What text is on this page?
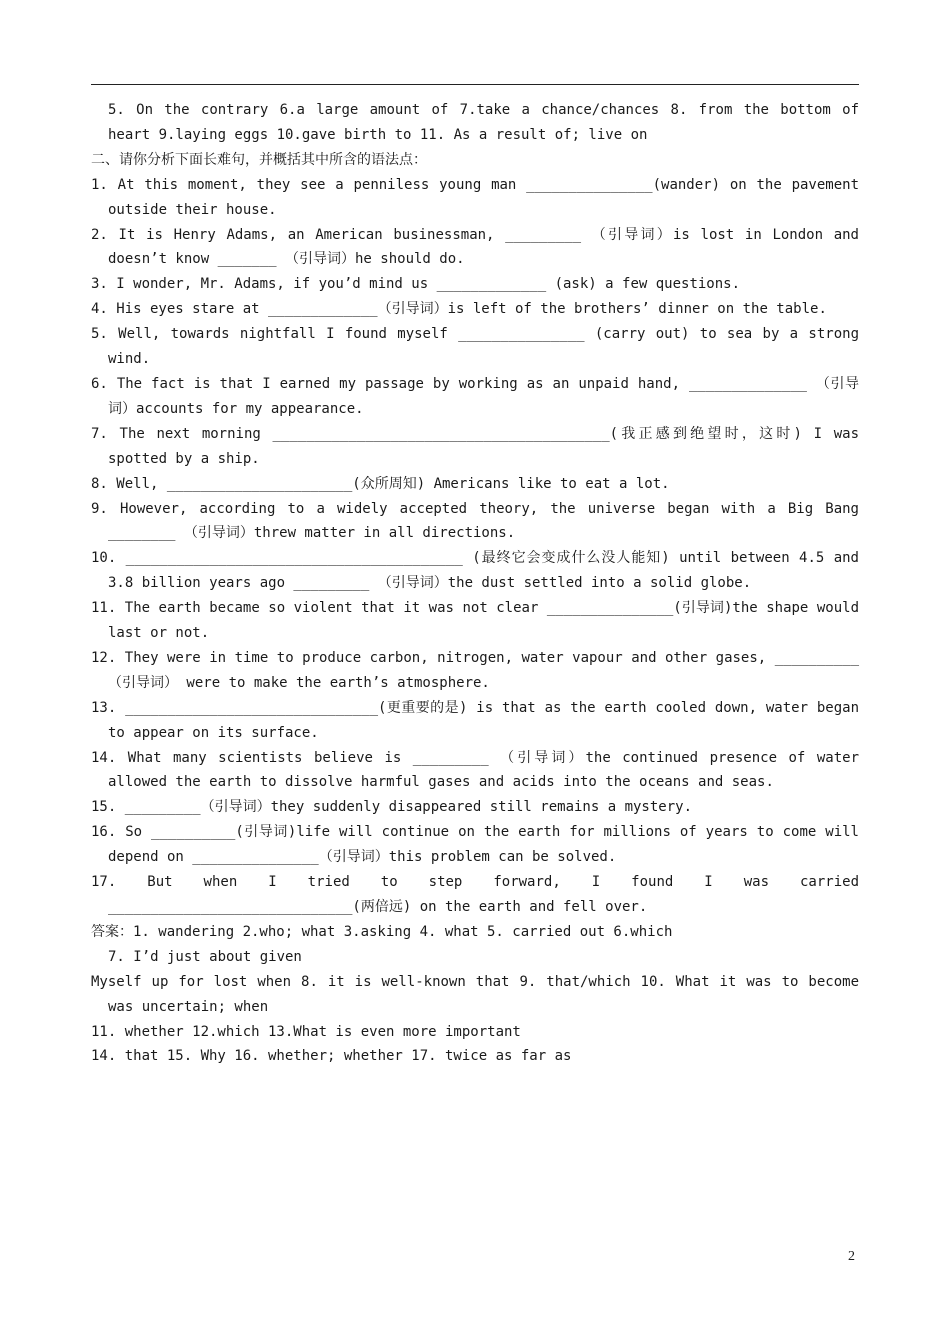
5. On the contrary 6.a large amount of 7.take a chance/chances 8. from the bottom of heart 9.laying eggs 10.gave birth to 11. As a result of; live on

二、请你分析下面长难句，并概括其中所含的语法点：

1. At this moment, they see a penniless young man _______________(wander) on the pavement outside their house.

2. It is Henry Adams, an American businessman, _________ （引导词）is lost in London and doesn’t know _______ （引导词）he should do.

3. I wonder, Mr. Adams, if you’d mind us _____________ (ask) a few questions.

4. His eyes stare at _____________（引导词）is left of the brothers’ dinner on the table.

5. Well, towards nightfall I found myself _______________ (carry out) to sea by a strong wind.

6. The fact is that I earned my passage by working as an unpaid hand, ______________ （引导词）accounts for my appearance.

7. The next morning ________________________________________(我正感到绝望时，这时) I was spotted by a ship.

8. Well, ______________________(众所周知) Americans like to eat a lot.

9. However, according to a widely accepted theory, the universe began with a Big Bang ________ （引导词）threw matter in all directions.

10. ________________________________________ (最终它会变成什么没人能知) until between 4.5 and 3.8 billion years ago _________ （引导词）the dust settled into a solid globe.

11. The earth became so violent that it was not clear _______________(引导词)the shape would last or not.

12. They were in time to produce carbon, nitrogen, water vapour and other gases, __________（引导词） were to make the earth’s atmosphere.

13. ______________________________(更重要的是) is that as the earth cooled down, water began to appear on its surface.

14. What many scientists believe is _________ （引导词）the continued presence of water allowed the earth to dissolve harmful gases and acids into the oceans and seas.

15. _________（引导词）they suddenly disappeared still remains a mystery.

16. So __________(引导词)life will continue on the earth for millions of years to come will depend on _______________（引导词）this problem can be solved.

17. But when I tried to step forward, I found I was carried _____________________________(两倍远) on the earth and fell over.

答案：1. wandering 2.who; what 3.asking 4. what 5. carried out 6.which

7. I’d just about given

Myself up for lost when 8. it is well-known that 9. that/which 10. What it was to become was uncertain; when

11. whether 12.which 13.What is even more important

14. that 15. Why 16. whether; whether 17. twice as far as

2
